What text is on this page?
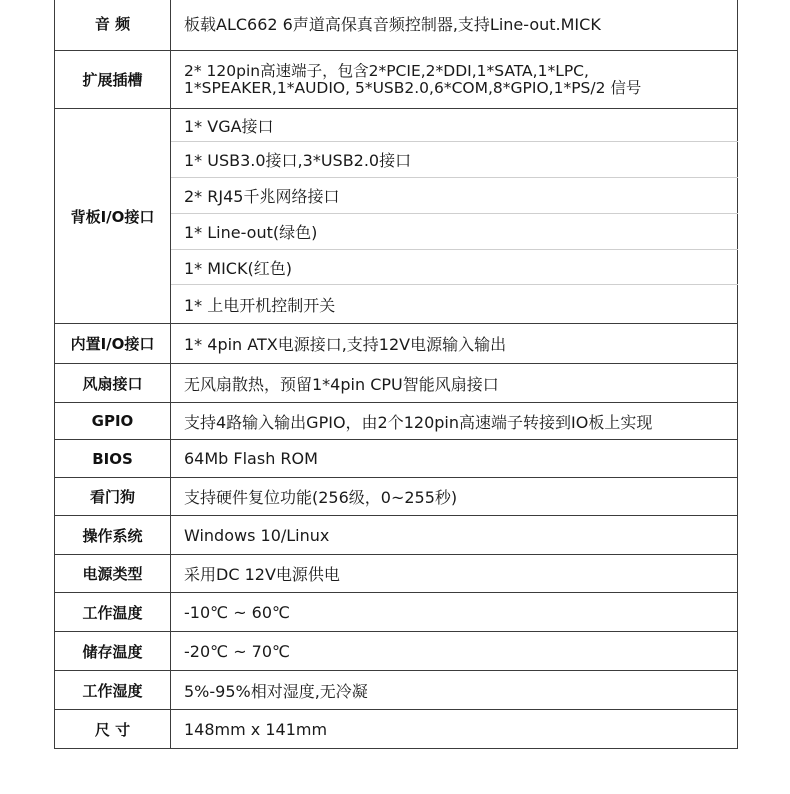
音 频	板载ALC662 6声道高保真音频控制器,支持Line-out.MICK
扩展插槽	2* 120pin高速端子，包含2*PCIE,2*DDI,1*SATA,1*LPC,
1*SPEAKER,1*AUDIO, 5*USB2.0,6*COM,8*GPIO,1*PS/2 信号

背板I/O接口	1* VGA接口
	1* USB3.0接口,3*USB2.0接口
	2* RJ45千兆网络接口
	1* Line-out(绿色)
	1* MICK(红色)
	1* 上电开机控制开关
内置I/O接口	1* 4pin ATX电源接口,支持12V电源输入输出
风扇接口	无风扇散热，预留1*4pin CPU智能风扇接口
GPIO	支持4路输入输出GPIO，由2个120pin高速端子转接到IO板上实现
BIOS	64Mb Flash ROM
看门狗	支持硬件复位功能(256级，0~255秒)
操作系统	Windows 10/Linux
电源类型	采用DC 12V电源供电
工作温度	-10℃ ~ 60℃
储存温度	-20℃ ~ 70℃
工作湿度	5%-95%相对湿度,无冷凝
尺 寸	148mm x 141mm
